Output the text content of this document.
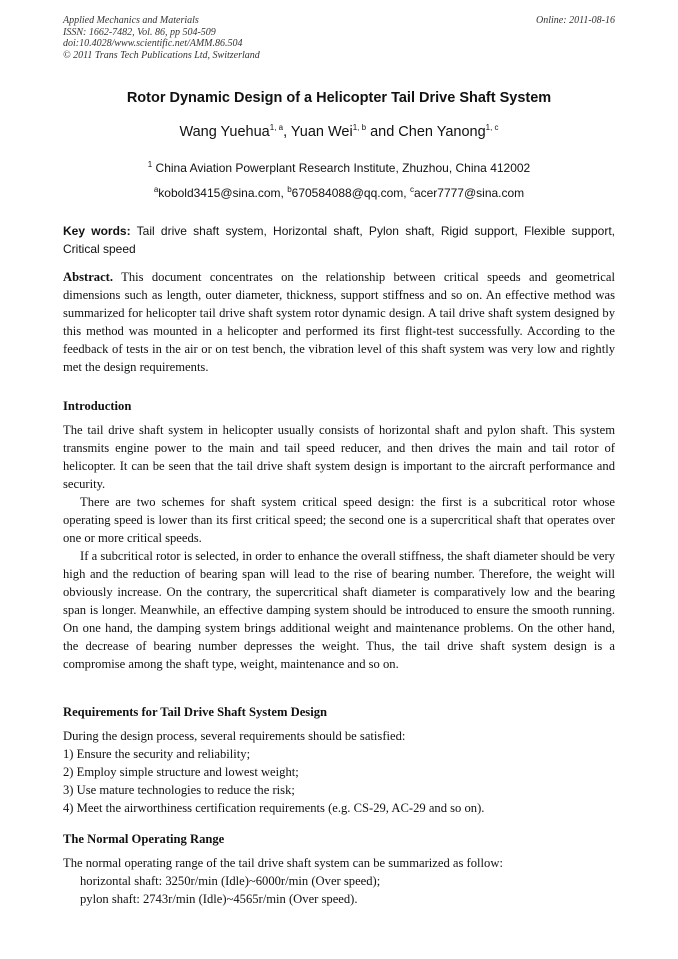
Applied Mechanics and Materials
ISSN: 1662-7482, Vol. 86, pp 504-509
doi:10.4028/www.scientific.net/AMM.86.504
© 2011 Trans Tech Publications Ltd, Switzerland
Online: 2011-08-16
Rotor Dynamic Design of a Helicopter Tail Drive Shaft System
Wang Yuehua$^{1, a}$, Yuan Wei$^{1, b}$ and Chen Yanong$^{1, c}$
$^1$ China Aviation Powerplant Research Institute, Zhuzhou, China 412002
$^a$kobold3415@sina.com, $^b$670584088@qq.com, $^c$acer7777@sina.com
Key words: Tail drive shaft system, Horizontal shaft, Pylon shaft, Rigid support, Flexible support, Critical speed

Abstract. This document concentrates on the relationship between critical speeds and geometrical dimensions such as length, outer diameter, thickness, support stiffness and so on. An effective method was summarized for helicopter tail drive shaft system rotor dynamic design. A tail drive shaft system designed by this method was mounted in a helicopter and performed its first flight-test successfully. According to the feedback of tests in the air or on test bench, the vibration level of this shaft system was very low and rightly met the design requirements.

Introduction

The tail drive shaft system in helicopter usually consists of horizontal shaft and pylon shaft. This system transmits engine power to the main and tail speed reducer, and then drives the main and tail rotor of helicopter. It can be seen that the tail drive shaft system design is important to the aircraft performance and security.

There are two schemes for shaft system critical speed design: the first is a subcritical rotor whose operating speed is lower than its first critical speed; the second one is a supercritical shaft that operates over one or more critical speeds.

If a subcritical rotor is selected, in order to enhance the overall stiffness, the shaft diameter should be very high and the reduction of bearing span will lead to the rise of bearing number. Therefore, the weight will obviously increase. On the contrary, the supercritical shaft diameter is comparatively low and the bearing span is longer. Meanwhile, an effective damping system should be introduced to ensure the smooth running. On one hand, the damping system brings additional weight and maintenance problems. On the other hand, the decrease of bearing number depresses the weight. Thus, the tail drive shaft system design is a compromise among the shaft type, weight, maintenance and so on.

Requirements for Tail Drive Shaft System Design

During the design process, several requirements should be satisfied:

1) Ensure the security and reliability;

2) Employ simple structure and lowest weight;

3) Use mature technologies to reduce the risk;

4) Meet the airworthiness certification requirements (e.g. CS-29, AC-29 and so on).

The Normal Operating Range

The normal operating range of the tail drive shaft system can be summarized as follow:

horizontal shaft: 3250r/min (Idle)~6000r/min (Over speed);

pylon shaft: 2743r/min (Idle)~4565r/min (Over speed).
